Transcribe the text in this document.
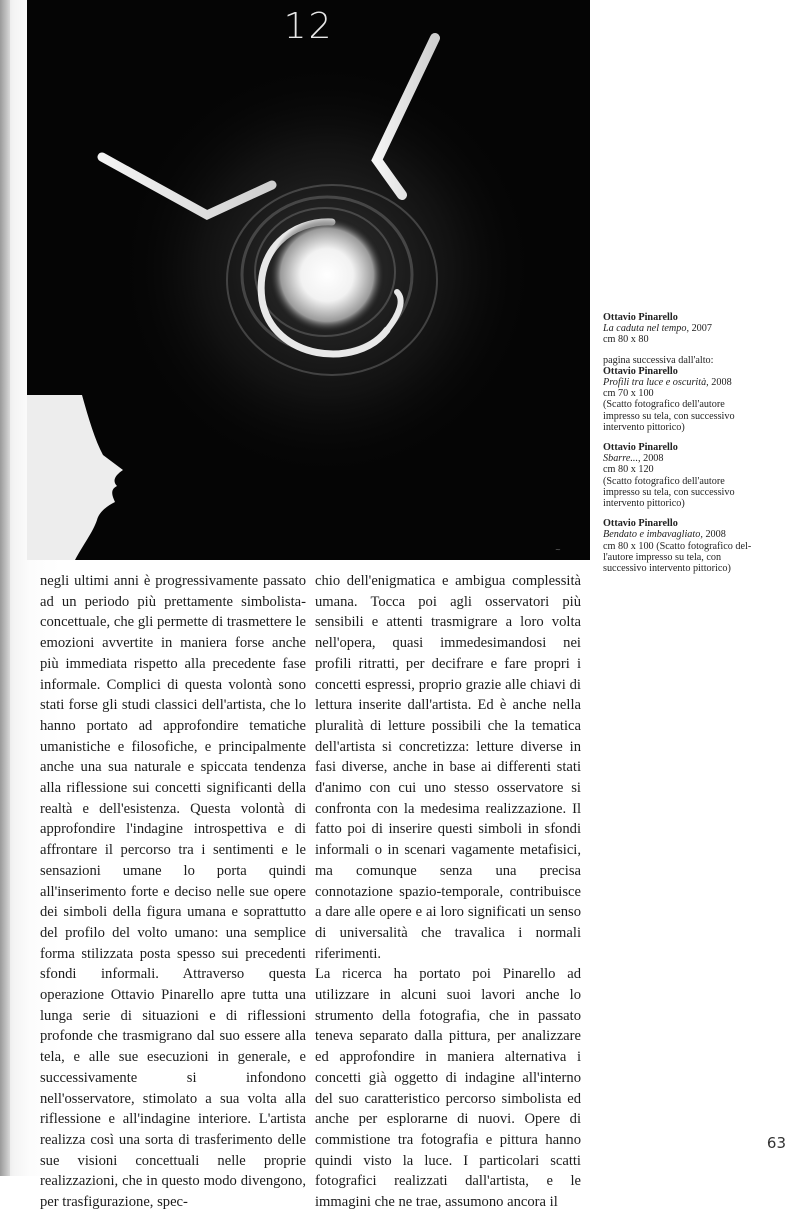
~
12
Ottavio Pinarello
La caduta nel tempo, 2007
cm 80 x 80
pagina successiva dall'alto:
Ottavio Pinarello
Profili tra luce e oscurità, 2008
cm 70 x 100
(Scatto fotografico dell'autore
impresso su tela, con successivo
intervento pittorico)
Ottavio Pinarello
Sbarre..., 2008
cm 80 x 120
(Scatto fotografico dell'autore
impresso su tela, con successivo
intervento pittorico)
Ottavio Pinarello
Bendato e imbavagliato, 2008
cm 80 x 100 (Scatto fotografico del-
l'autore impresso su tela, con
successivo intervento pittorico)

negli ultimi anni è progressivamente passato ad un periodo più prettamente simbolista-concettuale, che gli permette di trasmettere le emozioni avvertite in maniera forse anche più immediata rispetto alla precedente fase informale. Complici di questa volontà sono stati forse gli studi classici dell'artista, che lo hanno portato ad approfondire tematiche umanistiche e filosofiche, e principalmente anche una sua naturale e spiccata tendenza alla riflessione sui concetti significanti della realtà e dell'esistenza. Questa volontà di approfondire l'indagine introspettiva e di affrontare il percorso tra i sentimenti e le sensazioni umane lo porta quindi all'inserimento forte e deciso nelle sue opere dei simboli della figura umana e soprattutto del profilo del volto umano: una semplice forma stilizzata posta spesso sui precedenti sfondi informali. Attraverso questa operazione Ottavio Pinarello apre tutta una lunga serie di situazioni e di riflessioni profonde che trasmigrano dal suo essere alla tela, e alle sue esecuzioni in generale, e successivamente si infondono nell'osservatore, stimolato a sua volta alla riflessione e all'indagine interiore. L'artista realizza così una sorta di trasferimento delle sue visioni concettuali nelle proprie realizzazioni, che in questo modo divengono, per trasfigurazione, spec-

chio dell'enigmatica e ambigua complessità umana. Tocca poi agli osservatori più sensibili e attenti trasmigrare a loro volta nell'opera, quasi immedesimandosi nei profili ritratti, per decifrare e fare propri i concetti espressi, proprio grazie alle chiavi di lettura inserite dall'artista. Ed è anche nella pluralità di letture possibili che la tematica dell'artista si concretizza: letture diverse in fasi diverse, anche in base ai differenti stati d'animo con cui uno stesso osservatore si confronta con la medesima realizzazione. Il fatto poi di inserire questi simboli in sfondi informali o in scenari vagamente metafisici, ma comunque senza una precisa connotazione spazio-temporale, contribuisce a dare alle opere e ai loro significati un senso di universalità che travalica i normali riferimenti.

La ricerca ha portato poi Pinarello ad utilizzare in alcuni suoi lavori anche lo strumento della fotografia, che in passato teneva separato dalla pittura, per analizzare ed approfondire in maniera alternativa i concetti già oggetto di indagine all'interno del suo caratteristico percorso simbolista ed anche per esplorarne di nuovi. Opere di commistione tra fotografia e pittura hanno quindi visto la luce. I particolari scatti fotografici realizzati dall'artista, e le immagini che ne trae, assumono ancora il

63
